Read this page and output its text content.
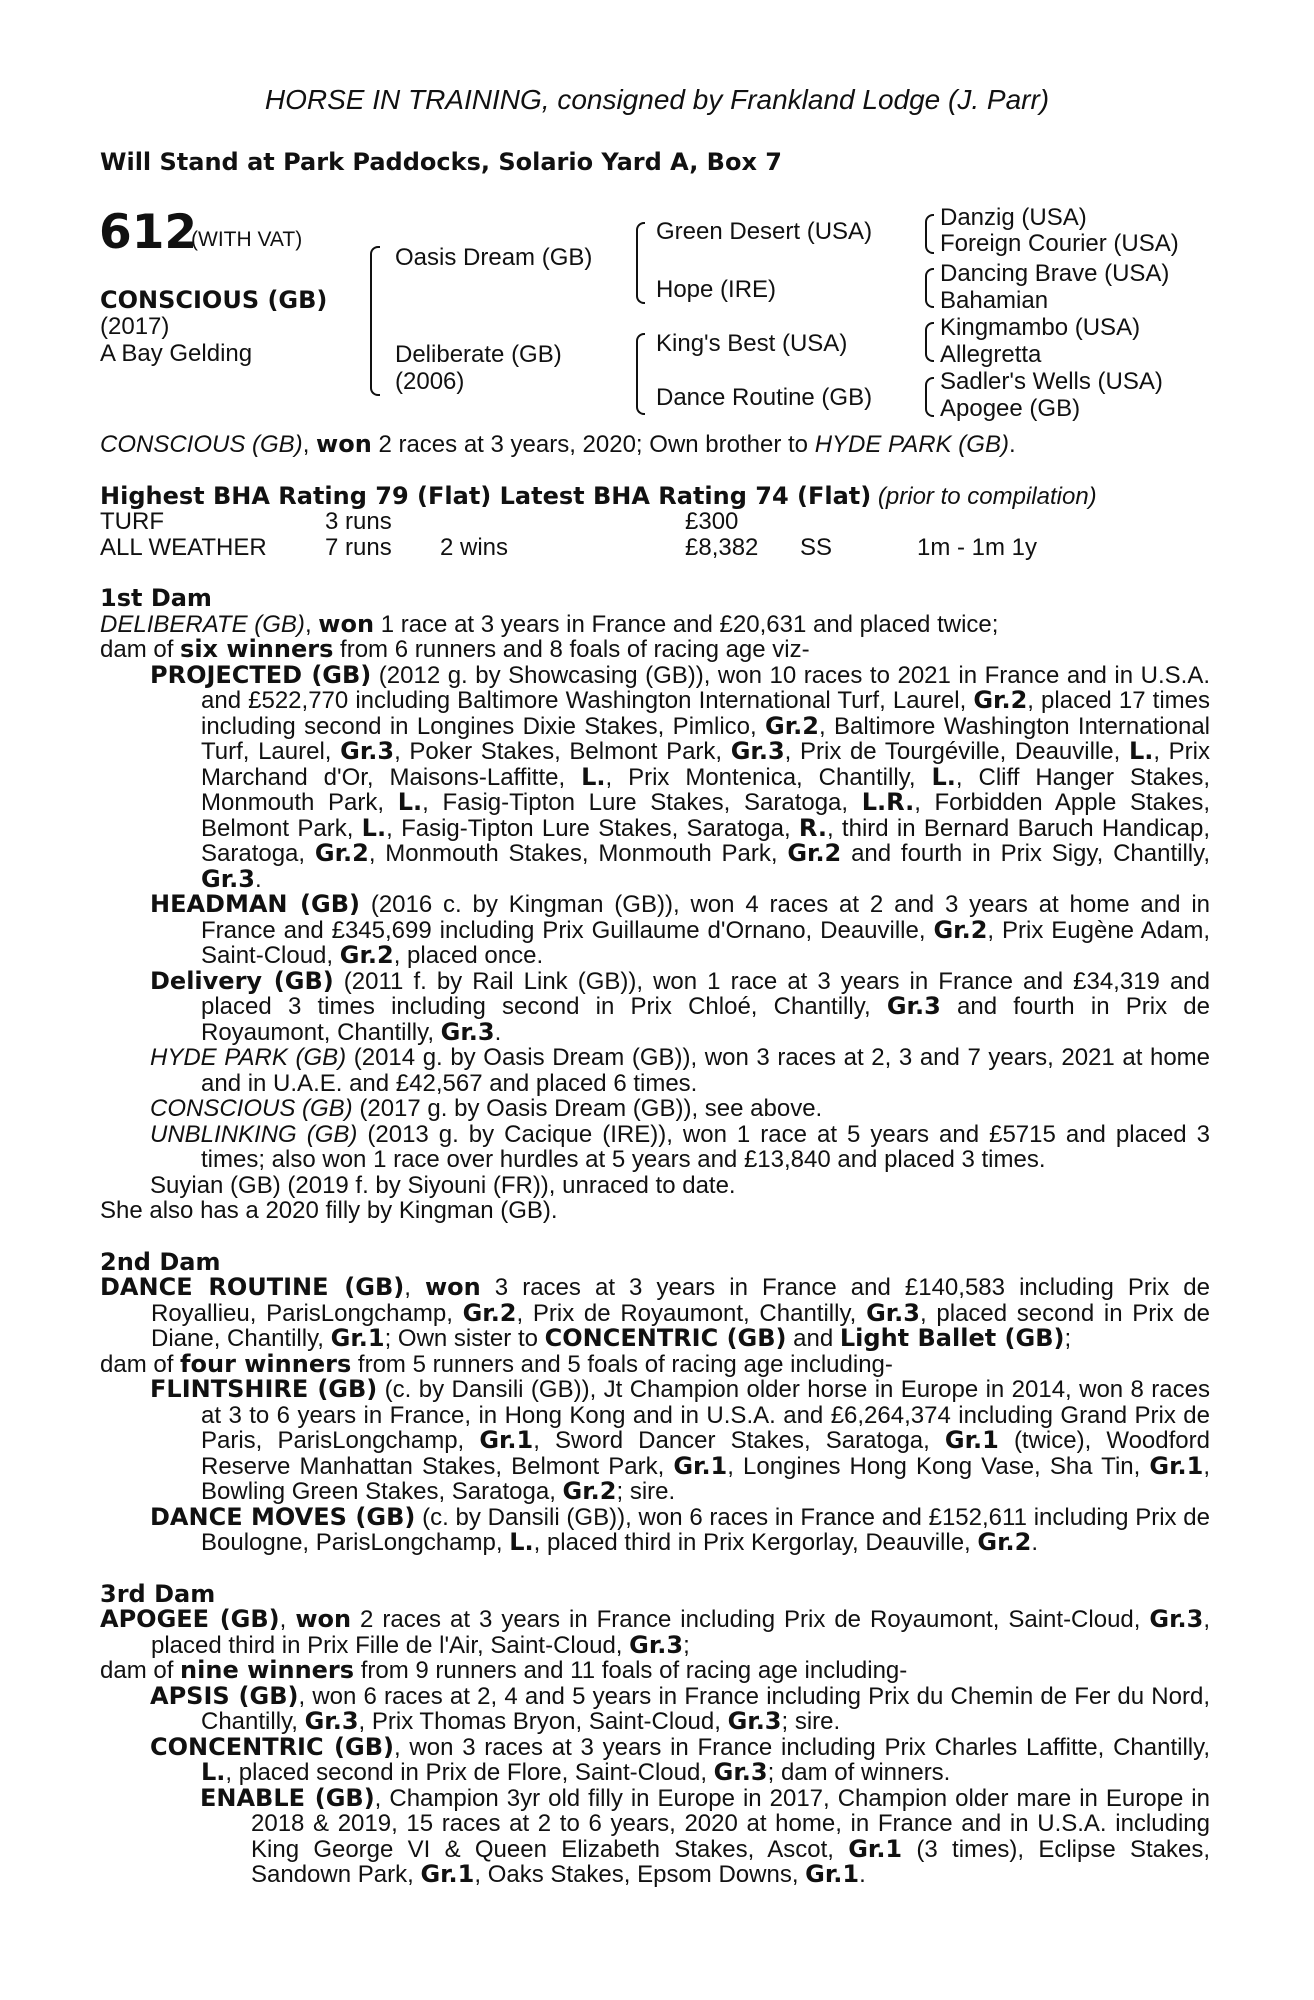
HORSE IN TRAINING, consigned by Frankland Lodge (J. Parr)
Will Stand at Park Paddocks, Solario Yard A, Box 7
612
(WITH VAT)
CONSCIOUS (GB)
(2017)
A Bay Gelding
Oasis Dream (GB)
Deliberate (GB)
(2006)
Green Desert (USA)
Hope (IRE)
King's Best (USA)
Dance Routine (GB)
Danzig (USA)
Foreign Courier (USA)
Dancing Brave (USA)
Bahamian
Kingmambo (USA)
Allegretta
Sadler's Wells (USA)
Apogee (GB)

CONSCIOUS (GB), won 2 races at 3 years, 2020; Own brother to HYDE PARK (GB).

Highest BHA Rating 79 (Flat) Latest BHA Rating 74 (Flat) (prior to compilation)

TURF	3 runs		£300		
ALL WEATHER	7 runs	2 wins	£8,382	SS	1m - 1m 1y

1st Dam

DELIBERATE (GB), won 1 race at 3 years in France and £20,631 and placed twice;

dam of six winners from 6 runners and 8 foals of racing age viz-

PROJECTED (GB) (2012 g. by Showcasing (GB)), won 10 races to 2021 in France and in U.S.A. and £522,770 including Baltimore Washington International Turf, Laurel, Gr.2, placed 17 times including second in Longines Dixie Stakes, Pimlico, Gr.2, Baltimore Washington International Turf, Laurel, Gr.3, Poker Stakes, Belmont Park, Gr.3, Prix de Tourgéville, Deauville, L., Prix Marchand d'Or, Maisons-Laffitte, L., Prix Montenica, Chantilly, L., Cliff Hanger Stakes, Monmouth Park, L., Fasig-Tipton Lure Stakes, Saratoga, L.R., Forbidden Apple Stakes, Belmont Park, L., Fasig-Tipton Lure Stakes, Saratoga, R., third in Bernard Baruch Handicap, Saratoga, Gr.2, Monmouth Stakes, Monmouth Park, Gr.2 and fourth in Prix Sigy, Chantilly, Gr.3.

HEADMAN (GB) (2016 c. by Kingman (GB)), won 4 races at 2 and 3 years at home and in France and £345,699 including Prix Guillaume d'Ornano, Deauville, Gr.2, Prix Eugène Adam, Saint-Cloud, Gr.2, placed once.

Delivery (GB) (2011 f. by Rail Link (GB)), won 1 race at 3 years in France and £34,319 and placed 3 times including second in Prix Chloé, Chantilly, Gr.3 and fourth in Prix de Royaumont, Chantilly, Gr.3.

HYDE PARK (GB) (2014 g. by Oasis Dream (GB)), won 3 races at 2, 3 and 7 years, 2021 at home and in U.A.E. and £42,567 and placed 6 times.

CONSCIOUS (GB) (2017 g. by Oasis Dream (GB)), see above.

UNBLINKING (GB) (2013 g. by Cacique (IRE)), won 1 race at 5 years and £5715 and placed 3 times; also won 1 race over hurdles at 5 years and £13,840 and placed 3 times.

Suyian (GB) (2019 f. by Siyouni (FR)), unraced to date.

She also has a 2020 filly by Kingman (GB).

2nd Dam

DANCE ROUTINE (GB), won 3 races at 3 years in France and £140,583 including Prix de Royallieu, ParisLongchamp, Gr.2, Prix de Royaumont, Chantilly, Gr.3, placed second in Prix de Diane, Chantilly, Gr.1; Own sister to CONCENTRIC (GB) and Light Ballet (GB);

dam of four winners from 5 runners and 5 foals of racing age including-

FLINTSHIRE (GB) (c. by Dansili (GB)), Jt Champion older horse in Europe in 2014, won 8 races at 3 to 6 years in France, in Hong Kong and in U.S.A. and £6,264,374 including Grand Prix de Paris, ParisLongchamp, Gr.1, Sword Dancer Stakes, Saratoga, Gr.1 (twice), Woodford Reserve Manhattan Stakes, Belmont Park, Gr.1, Longines Hong Kong Vase, Sha Tin, Gr.1, Bowling Green Stakes, Saratoga, Gr.2; sire.

DANCE MOVES (GB) (c. by Dansili (GB)), won 6 races in France and £152,611 including Prix de Boulogne, ParisLongchamp, L., placed third in Prix Kergorlay, Deauville, Gr.2.

3rd Dam

APOGEE (GB), won 2 races at 3 years in France including Prix de Royaumont, Saint-Cloud, Gr.3, placed third in Prix Fille de l'Air, Saint-Cloud, Gr.3;

dam of nine winners from 9 runners and 11 foals of racing age including-

APSIS (GB), won 6 races at 2, 4 and 5 years in France including Prix du Chemin de Fer du Nord, Chantilly, Gr.3, Prix Thomas Bryon, Saint-Cloud, Gr.3; sire.

CONCENTRIC (GB), won 3 races at 3 years in France including Prix Charles Laffitte, Chantilly, L., placed second in Prix de Flore, Saint-Cloud, Gr.3; dam of winners.

ENABLE (GB), Champion 3yr old filly in Europe in 2017, Champion older mare in Europe in 2018 & 2019, 15 races at 2 to 6 years, 2020 at home, in France and in U.S.A. including King George VI & Queen Elizabeth Stakes, Ascot, Gr.1 (3 times), Eclipse Stakes, Sandown Park, Gr.1, Oaks Stakes, Epsom Downs, Gr.1.
